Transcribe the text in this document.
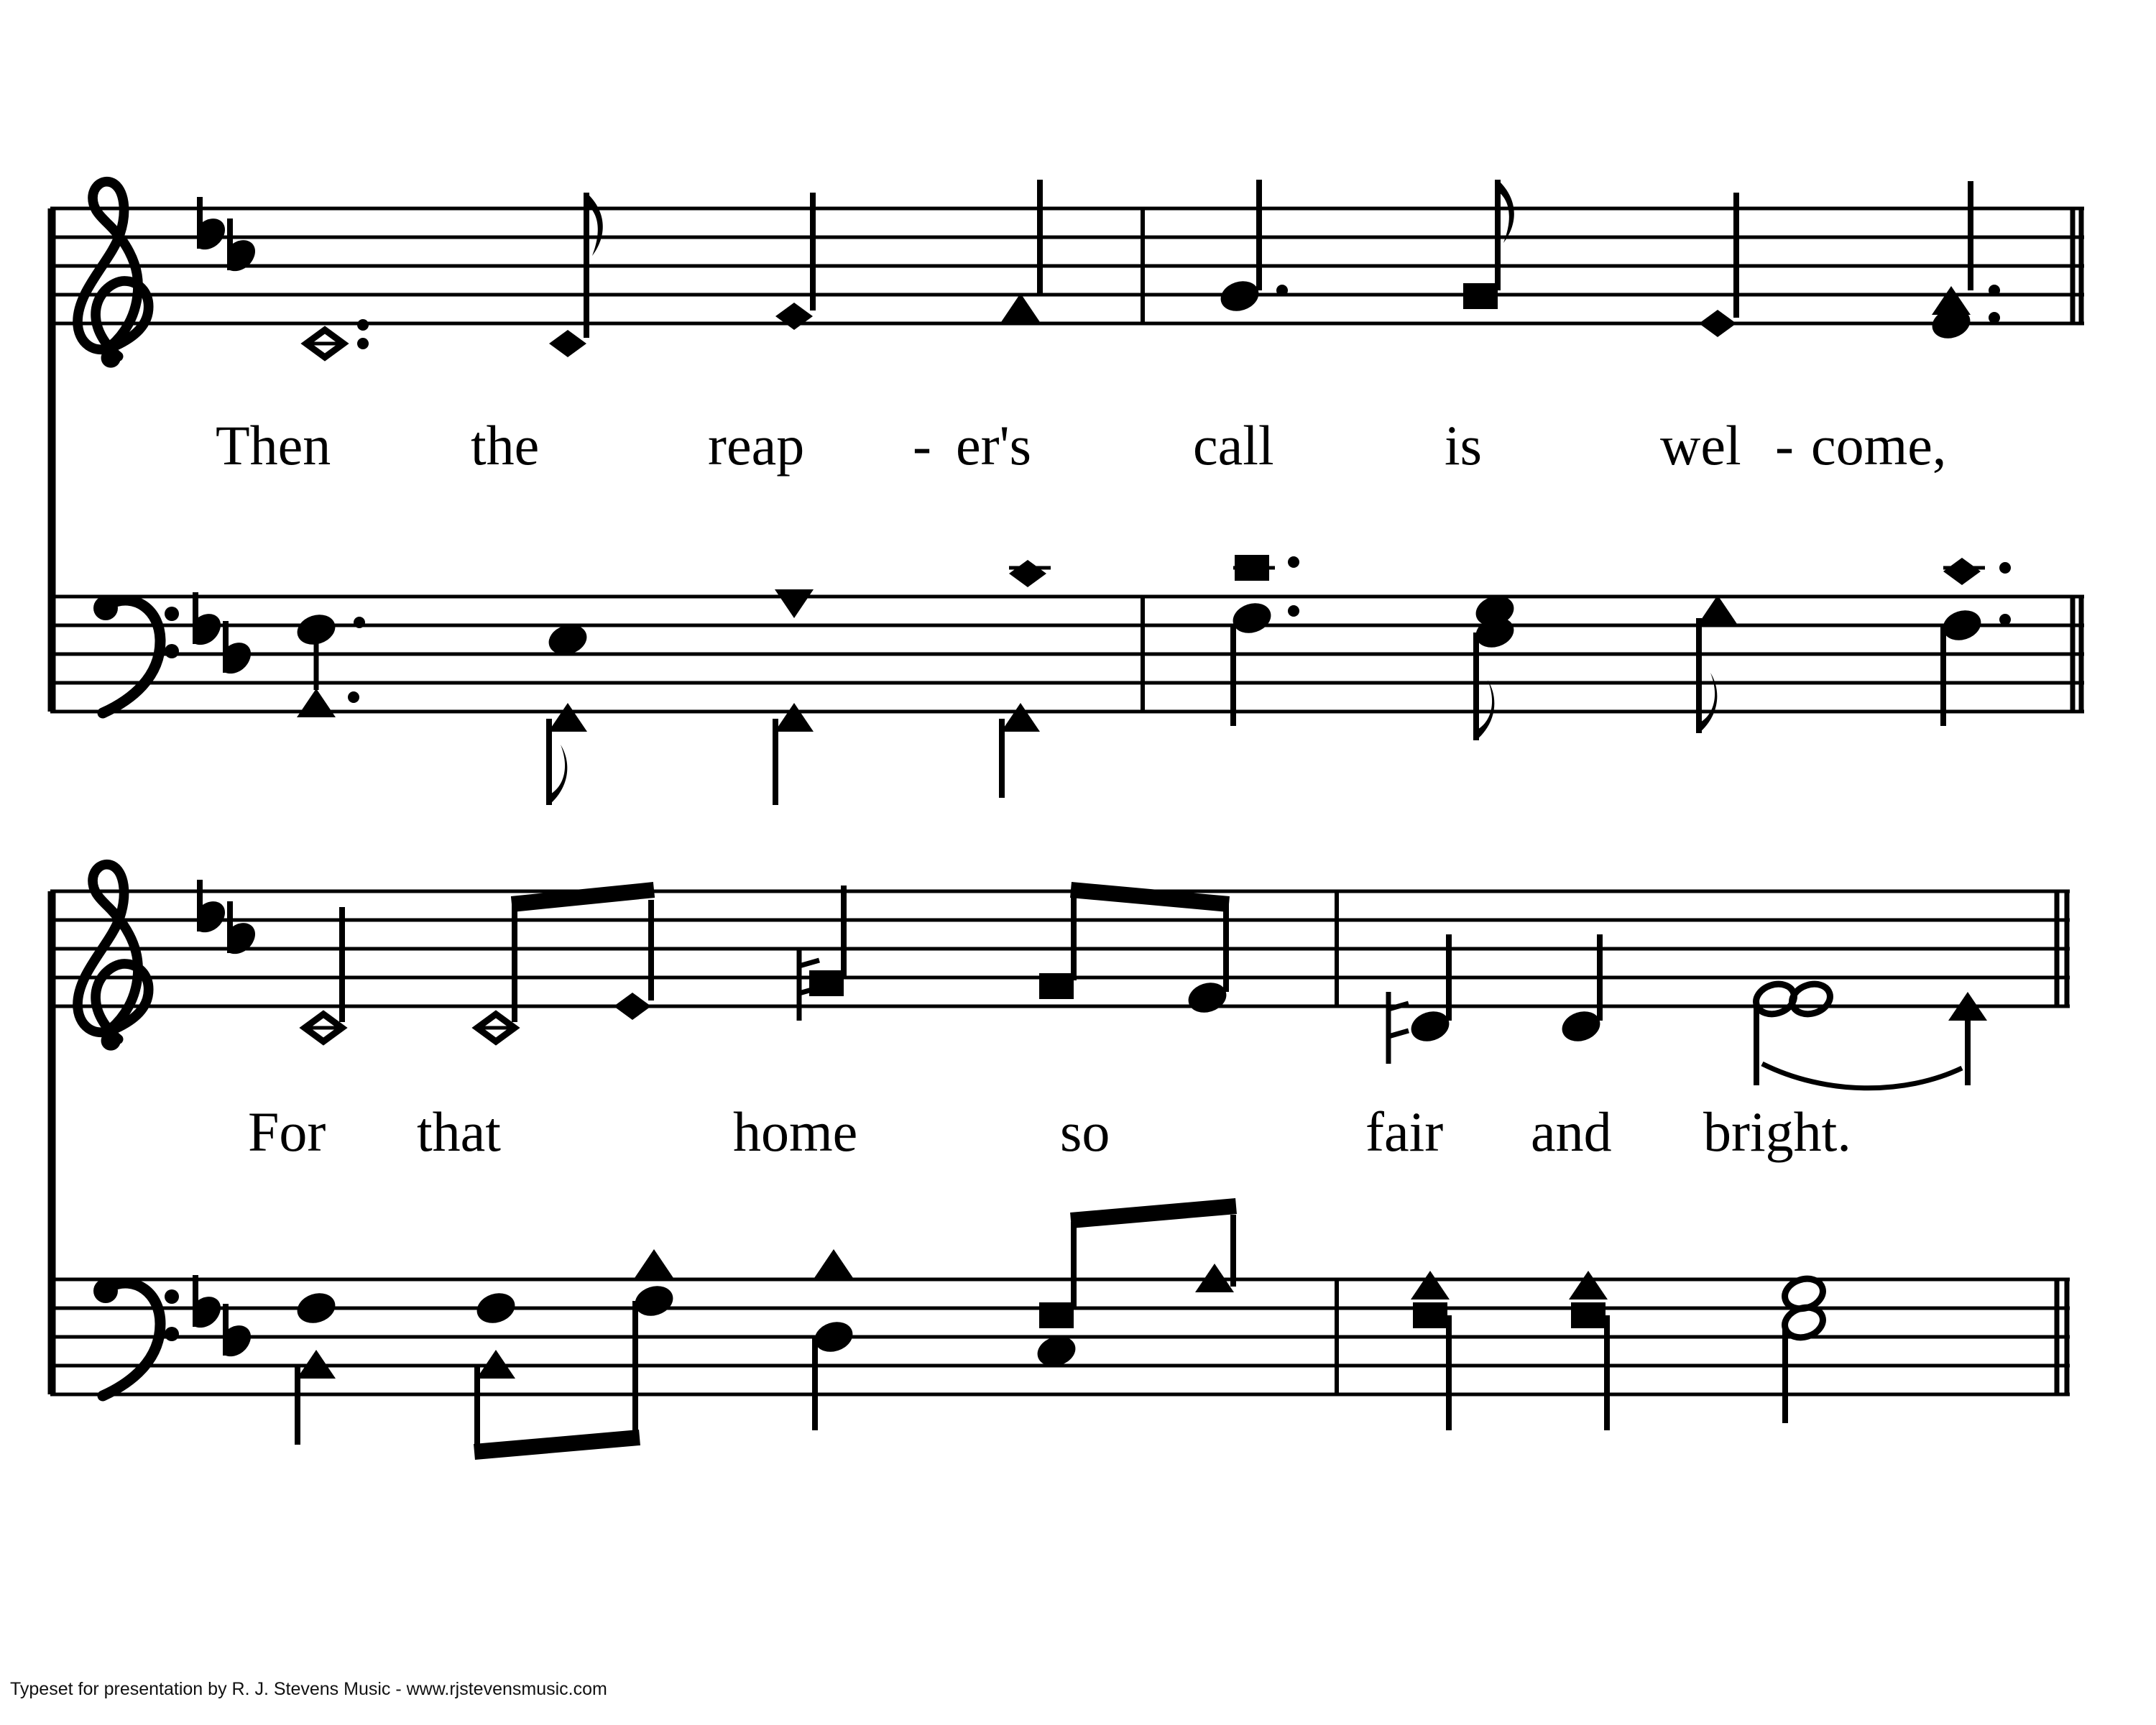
Then the	reap - er's	call	is	wel - come,
For that	home	so	fair and bright.
Typeset for presentation by R. J. Stevens Music - www.rjstevensmusic.com
